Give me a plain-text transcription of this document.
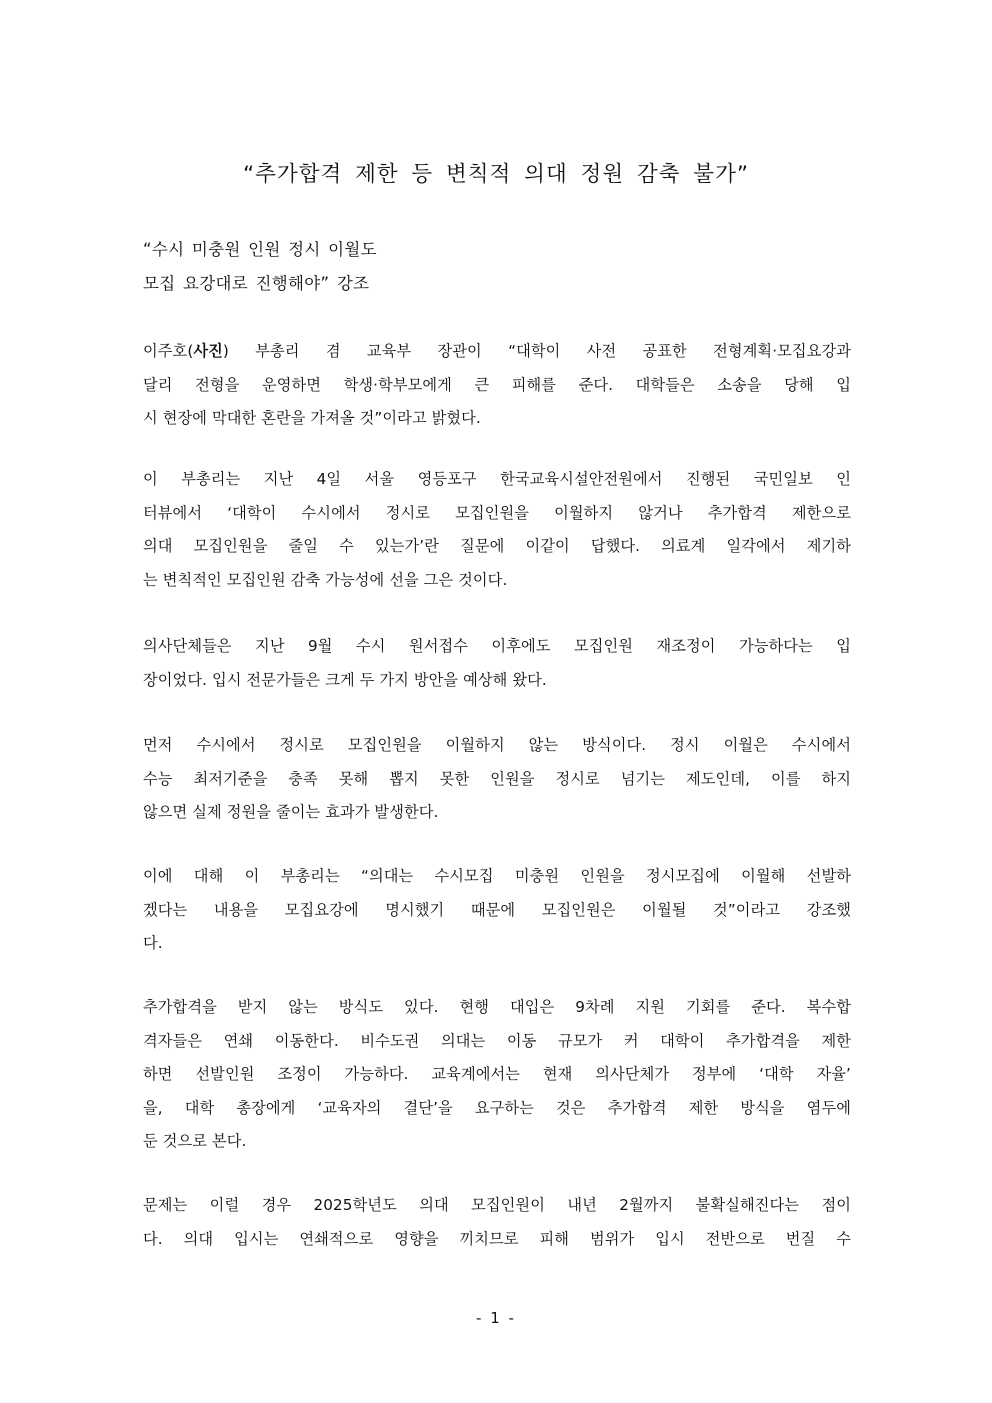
“추가합격 제한 등 변칙적 의대 정원 감축 불가”
“수시 미충원 인원 정시 이월도
모집 요강대로 진행해야” 강조
이주호(사진) 부총리 겸 교육부 장관이 “대학이 사전 공표한 전형계획·모집요강과
달리 전형을 운영하면 학생·학부모에게 큰 피해를 준다. 대학들은 소송을 당해 입
시 현장에 막대한 혼란을 가져올 것”이라고 밝혔다.
이 부총리는 지난 4일 서울 영등포구 한국교육시설안전원에서 진행된 국민일보 인
터뷰에서 ‘대학이 수시에서 정시로 모집인원을 이월하지 않거나 추가합격 제한으로
의대 모집인원을 줄일 수 있는가’란 질문에 이같이 답했다. 의료계 일각에서 제기하
는 변칙적인 모집인원 감축 가능성에 선을 그은 것이다.
의사단체들은 지난 9월 수시 원서접수 이후에도 모집인원 재조정이 가능하다는 입
장이었다. 입시 전문가들은 크게 두 가지 방안을 예상해 왔다.
먼저 수시에서 정시로 모집인원을 이월하지 않는 방식이다. 정시 이월은 수시에서
수능 최저기준을 충족 못해 뽑지 못한 인원을 정시로 넘기는 제도인데, 이를 하지
않으면 실제 정원을 줄이는 효과가 발생한다.
이에 대해 이 부총리는 “의대는 수시모집 미충원 인원을 정시모집에 이월해 선발하
겠다는 내용을 모집요강에 명시했기 때문에 모집인원은 이월될 것”이라고 강조했
다.
추가합격을 받지 않는 방식도 있다. 현행 대입은 9차례 지원 기회를 준다. 복수합
격자들은 연쇄 이동한다. 비수도권 의대는 이동 규모가 커 대학이 추가합격을 제한
하면 선발인원 조정이 가능하다. 교육계에서는 현재 의사단체가 정부에 ‘대학 자율’
을, 대학 총장에게 ‘교육자의 결단’을 요구하는 것은 추가합격 제한 방식을 염두에
둔 것으로 본다.
문제는 이럴 경우 2025학년도 의대 모집인원이 내년 2월까지 불확실해진다는 점이
다. 의대 입시는 연쇄적으로 영향을 끼치므로 피해 범위가 입시 전반으로 번질 수
- 1 -
